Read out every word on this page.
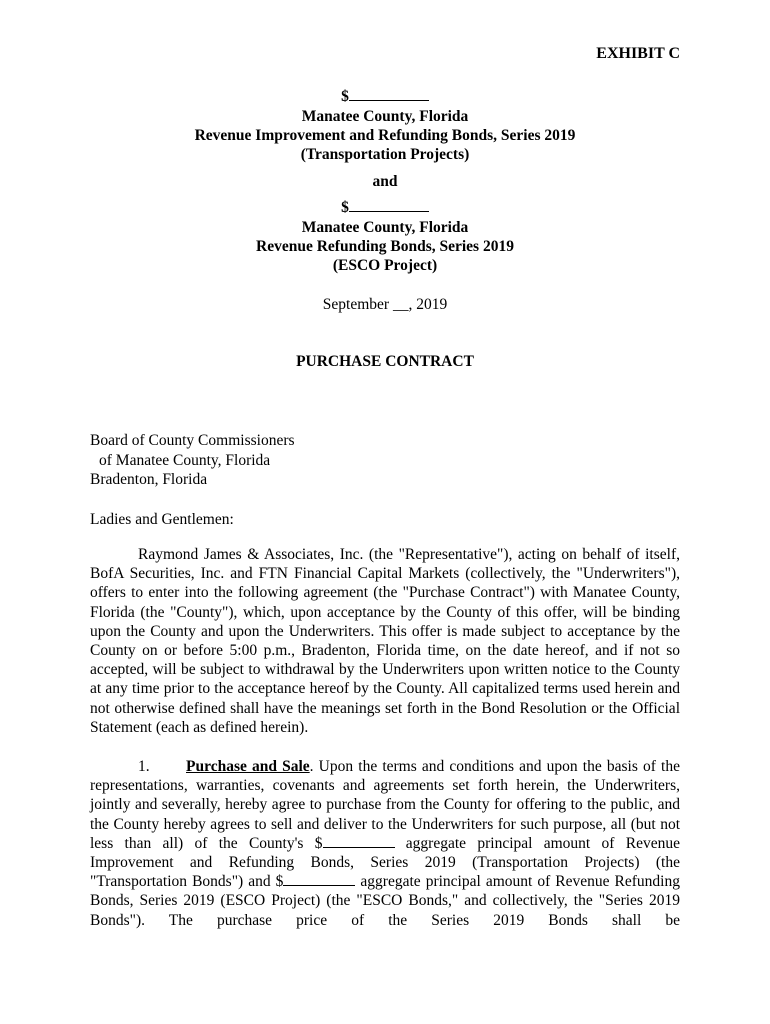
EXHIBIT C
$
Manatee County, Florida
Revenue Improvement and Refunding Bonds, Series 2019
(Transportation Projects)
and
$
Manatee County, Florida
Revenue Refunding Bonds, Series 2019
(ESCO Project)
September __, 2019
PURCHASE CONTRACT
Board of County Commissioners
of Manatee County, Florida
Bradenton, Florida
Ladies and Gentlemen:
Raymond James & Associates, Inc. (the "Representative"), acting on behalf of itself, BofA Securities, Inc. and FTN Financial Capital Markets (collectively, the "Underwriters"), offers to enter into the following agreement (the "Purchase Contract") with Manatee County, Florida (the "County"), which, upon acceptance by the County of this offer, will be binding upon the County and upon the Underwriters. This offer is made subject to acceptance by the County on or before 5:00 p.m., Bradenton, Florida time, on the date hereof, and if not so accepted, will be subject to withdrawal by the Underwriters upon written notice to the County at any time prior to the acceptance hereof by the County. All capitalized terms used herein and not otherwise defined shall have the meanings set forth in the Bond Resolution or the Official Statement (each as defined herein).
1. Purchase and Sale. Upon the terms and conditions and upon the basis of the representations, warranties, covenants and agreements set forth herein, the Underwriters, jointly and severally, hereby agree to purchase from the County for offering to the public, and the County hereby agrees to sell and deliver to the Underwriters for such purpose, all (but not less than all) of the County's $	aggregate principal amount of Revenue Improvement and Refunding Bonds, Series 2019 (Transportation Projects) (the "Transportation Bonds") and $	aggregate principal amount of Revenue Refunding Bonds, Series 2019 (ESCO Project) (the "ESCO Bonds," and collectively, the "Series 2019 Bonds"). The purchase price of the Series 2019 Bonds shall be
